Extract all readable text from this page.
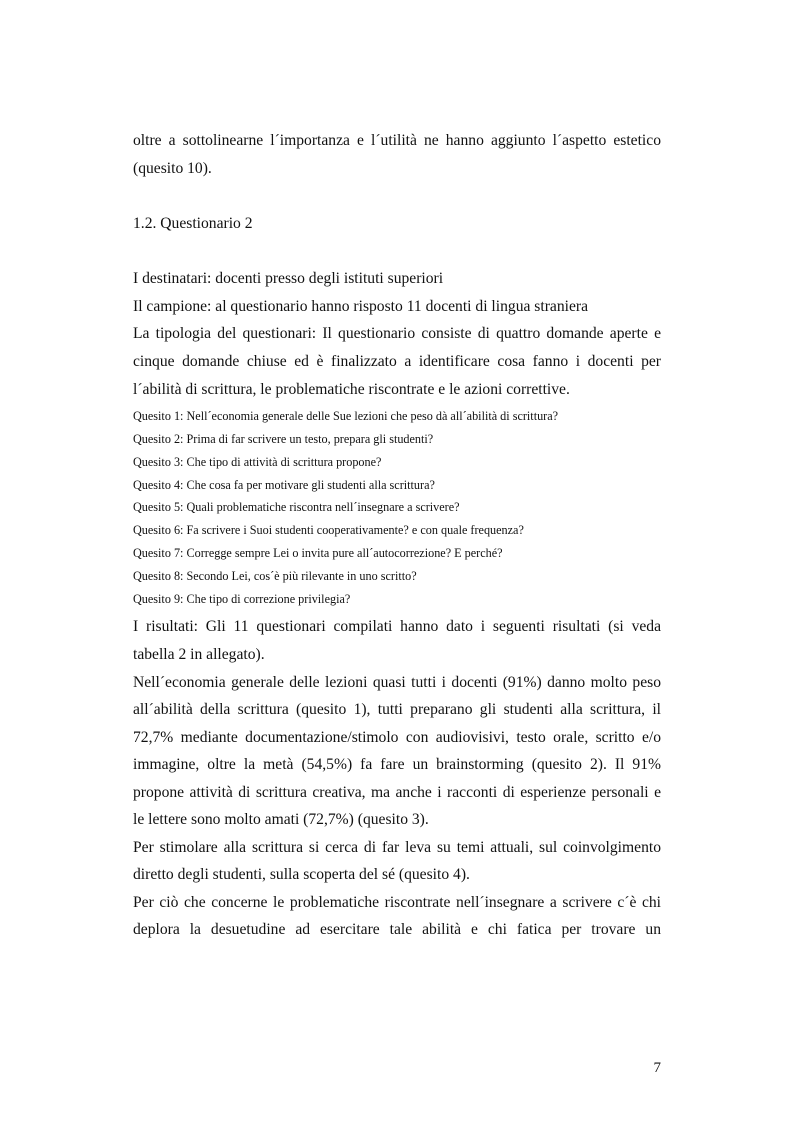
oltre a sottolinearne l´importanza e l´utilità ne hanno aggiunto l´aspetto estetico
(quesito 10).
1.2. Questionario 2
I destinatari: docenti presso degli istituti superiori
Il campione: al questionario hanno risposto 11 docenti di lingua straniera
La tipologia del questionari: Il questionario consiste di quattro domande aperte e
cinque domande chiuse ed è finalizzato a identificare cosa fanno i docenti per
l´abilità di scrittura, le problematiche riscontrate e le azioni correttive.
Quesito 1: Nell´economia generale delle Sue lezioni che peso dà all´abilità di scrittura?
Quesito 2: Prima di far scrivere un testo, prepara gli studenti?
Quesito 3: Che tipo di attività di scrittura propone?
Quesito 4: Che cosa fa per motivare gli studenti alla scrittura?
Quesito 5: Quali problematiche riscontra nell´insegnare a scrivere?
Quesito 6: Fa scrivere i Suoi studenti cooperativamente? e con quale frequenza?
Quesito 7: Corregge sempre Lei o invita pure all´autocorrezione? E perché?
Quesito 8: Secondo Lei, cos´è più rilevante in uno scritto?
Quesito 9: Che tipo di correzione privilegia?
I risultati: Gli 11 questionari compilati hanno dato i seguenti risultati (si veda
tabella 2 in allegato).
Nell´economia generale delle lezioni quasi tutti i docenti (91%) danno molto peso
all´abilità della scrittura (quesito 1), tutti preparano gli studenti alla scrittura, il
72,7% mediante documentazione/stimolo con audiovisivi, testo orale, scritto e/o
immagine, oltre la metà (54,5%) fa fare un brainstorming (quesito 2). Il 91%
propone attività di scrittura creativa, ma anche i racconti di esperienze personali e
le lettere sono molto amati (72,7%) (quesito 3).
Per stimolare alla scrittura si cerca di far leva su temi attuali, sul coinvolgimento
diretto degli studenti, sulla scoperta del sé (quesito 4).
Per ciò che concerne le problematiche riscontrate nell´insegnare a scrivere c´è chi
deplora la desuetudine ad esercitare tale abilità e chi fatica per trovare un
7
